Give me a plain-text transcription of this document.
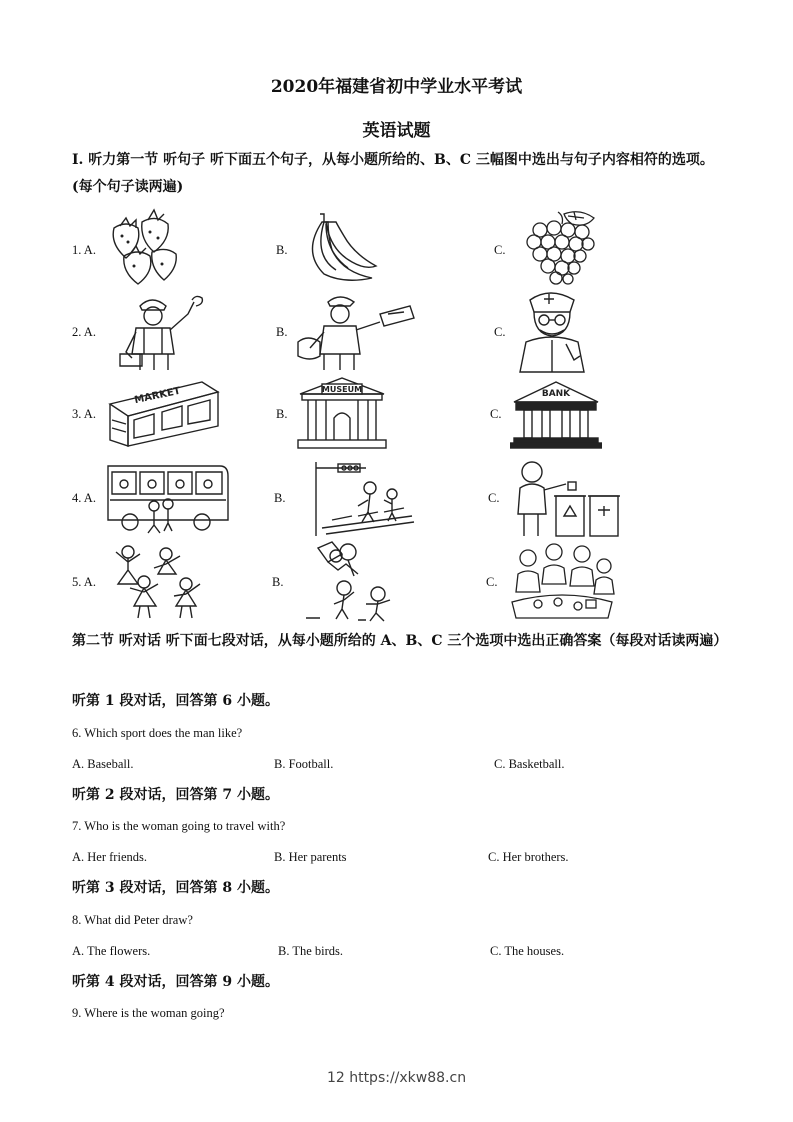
2020年福建省初中学业水平考试
英语试题
Ⅰ. 听力第一节 听句子 听下面五个句子，从每小题所给的、B、C 三幅图中选出与句子内容相符的选项。(每个句子读两遍)
1. A.	B.	C.
2. A.	B.	C.
3. A.
MARKET
B.
MUSEUM
C.
BANK
4. A.	B.	C.
5. A.	B.	C.
第二节 听对话 听下面七段对话，从每小题所给的 A、B、C 三个选项中选出正确答案（每段对话读两遍）
听第 1 段对话，回答第 6 小题。
6. Which sport does the man like?
A. Baseball.	B. Football.	C. Basketball.
听第 2 段对话，回答第 7 小题。
7. Who is the woman going to travel with?
A. Her friends.	B. Her parents	C. Her brothers.
听第 3 段对话，回答第 8 小题。
8. What did Peter draw?
A. The flowers.	B. The birds.	C. The houses.
听第 4 段对话，回答第 9 小题。
9. Where is the woman going?
12 https://xkw88.cn
